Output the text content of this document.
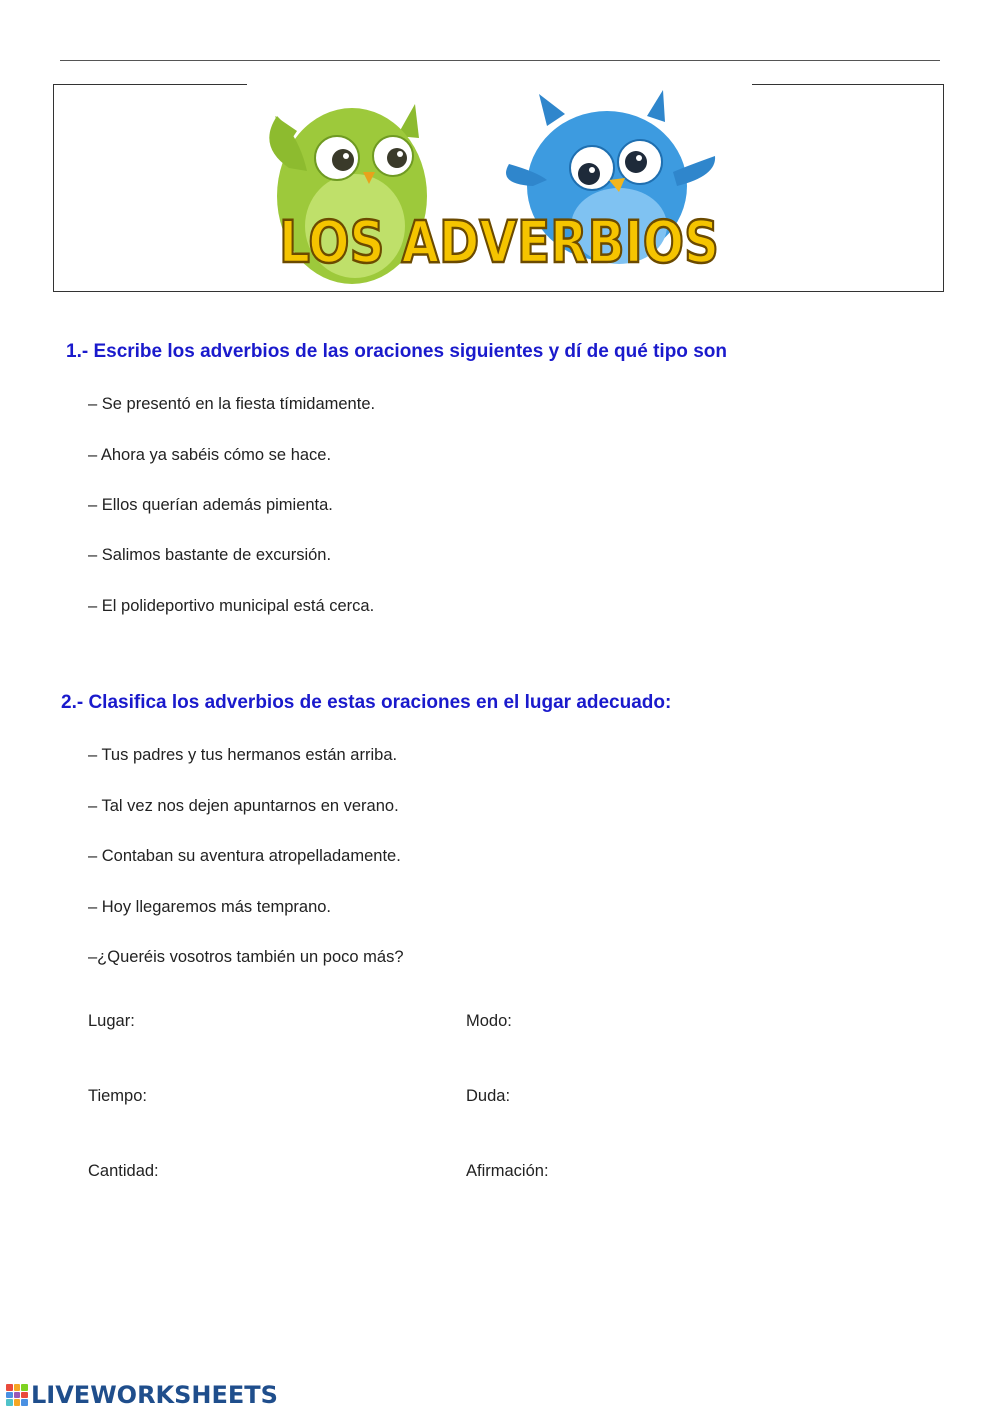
LOS ADVERBIOS
1.- Escribe los adverbios de las oraciones siguientes y dí de qué tipo son
– Se presentó en la fiesta tímidamente.
– Ahora ya sabéis cómo se hace.
– Ellos querían además pimienta.
– Salimos bastante de excursión.
– El polideportivo municipal está cerca.
2.- Clasifica los adverbios de estas oraciones en el lugar adecuado:
– Tus padres y tus hermanos están arriba.
– Tal vez nos dejen apuntarnos en verano.
– Contaban su aventura atropelladamente.
– Hoy llegaremos más temprano.
–¿Queréis vosotros también un poco más?
Lugar:	Modo:
Tiempo:	Duda:
Cantidad:	Afirmación:
LIVEWORKSHEETS
